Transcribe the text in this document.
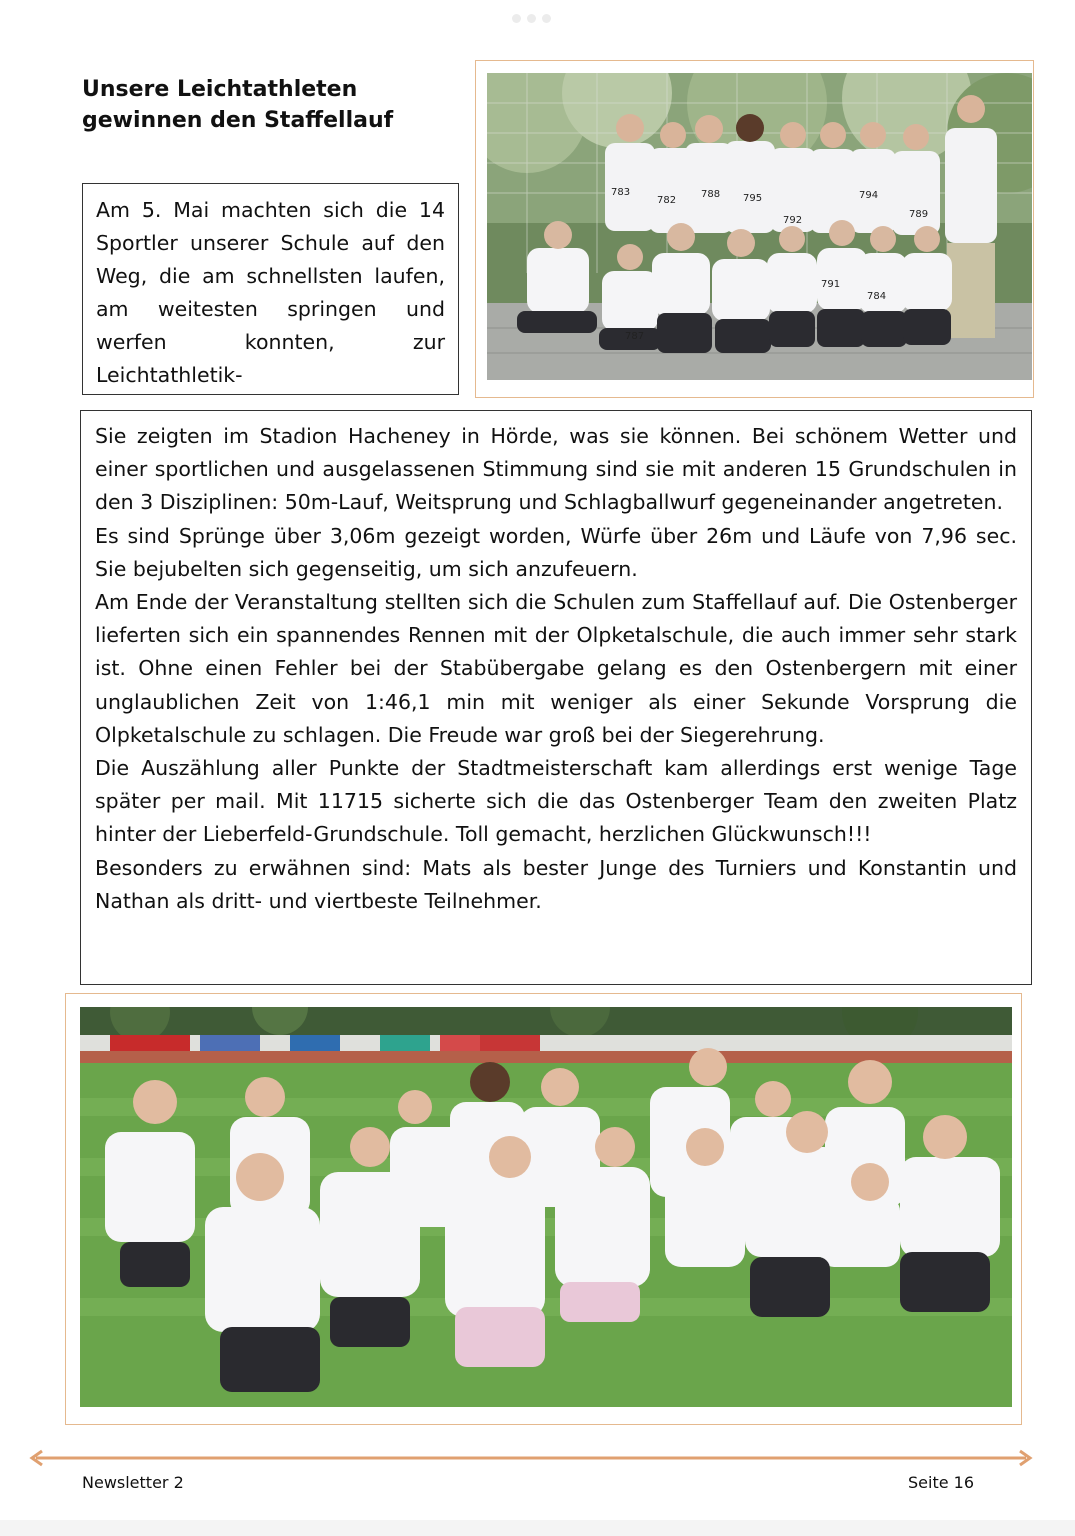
Unsere Leichtathleten
gewinnen den Staffellauf
Am 5. Mai machten sich die 14 Sportler unserer Schule auf den Weg, die am schnellsten laufen, am weitesten springen und werfen konnten, zur Leichtathletik-
783
782
788 795
792
794
789
787
791
784

Sie zeigten im Stadion Hacheney in Hörde, was sie können. Bei schönem Wetter und einer sportlichen und ausgelassenen Stimmung sind sie mit anderen 15 Grundschulen in den 3 Disziplinen: 50m-Lauf, Weitsprung und Schlagballwurf gegeneinander angetreten.

Es sind Sprünge über 3,06m gezeigt worden, Würfe über 26m und Läufe von 7,96 sec. Sie bejubelten sich gegenseitig, um sich anzufeuern.

Am Ende der Veranstaltung stellten sich die Schulen zum Staffellauf auf. Die Ostenberger lieferten sich ein spannendes Rennen mit der Olpketalschule, die auch immer sehr stark ist. Ohne einen Fehler bei der Stabübergabe gelang es den Ostenbergern mit einer unglaublichen Zeit von 1:46,1 min mit weniger als einer Sekunde Vorsprung die Olpketalschule zu schlagen. Die Freude war groß bei der Siegerehrung.

Die Auszählung aller Punkte der Stadtmeisterschaft kam allerdings erst wenige Tage später per mail. Mit 11715 sicherte sich die das Ostenberger Team den zweiten Platz hinter der Lieberfeld-Grundschule. Toll gemacht, herzlichen Glückwunsch!!!

Besonders zu erwähnen sind: Mats als bester Junge des Turniers und Konstantin und Nathan als dritt- und viertbeste Teilnehmer.

Newsletter 2	Seite 16
